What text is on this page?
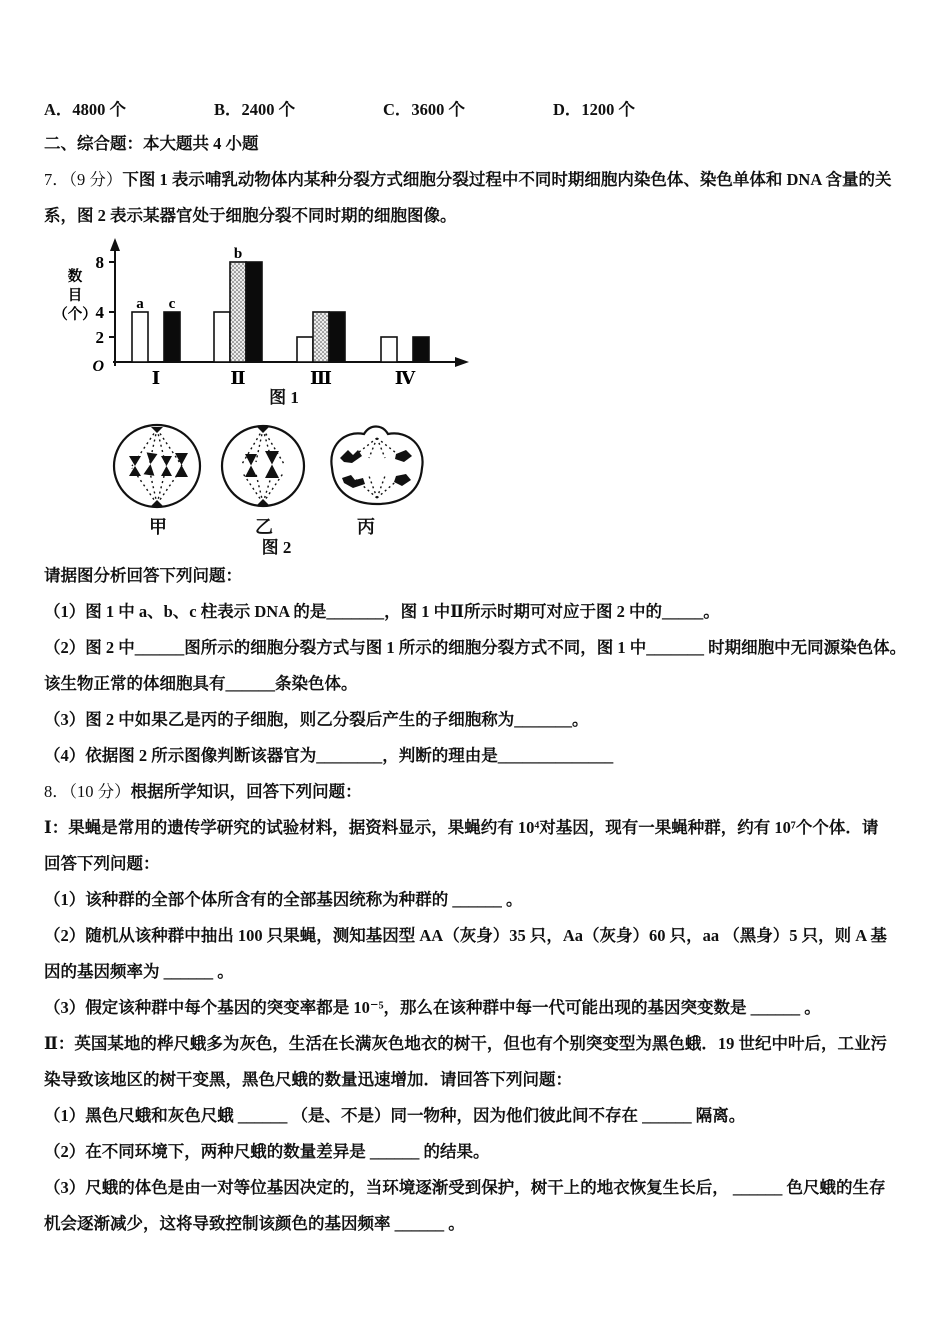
A．4800 个	B．2400 个	C．3600 个	D．1200 个

二、综合题：本大题共 4 小题

7．（9 分）下图 1 表示哺乳动物体内某种分裂方式细胞分裂过程中不同时期细胞内染色体、染色单体和 DNA 含量的关

系，图 2 表示某器官处于细胞分裂不同时期的细胞图像。

8
4
2
O
数
目
（个）
a
b
c
Ⅰ	Ⅱ	Ⅲ	Ⅳ
图 1
甲	乙	丙
图 2

请据图分析回答下列问题：

（1）图 1 中 a、b、c 柱表示 DNA 的是_______，图 1 中Ⅱ所示时期可对应于图 2 中的_____。

（2）图 2 中______图所示的细胞分裂方式与图 1 所示的细胞分裂方式不同，图 1 中_______ 时期细胞中无同源染色体。

该生物正常的体细胞具有______条染色体。

（3）图 2 中如果乙是丙的子细胞，则乙分裂后产生的子细胞称为_______。

（4）依据图 2 所示图像判断该器官为________，判断的理由是______________

8．（10 分）根据所学知识，回答下列问题：

Ⅰ：果蝇是常用的遗传学研究的试验材料，据资料显示，果蝇约有 10⁴对基因，现有一果蝇种群，约有 10⁷个个体．请

回答下列问题：

（1）该种群的全部个体所含有的全部基因统称为种群的 ______ 。

（2）随机从该种群中抽出 100 只果蝇，测知基因型 AA（灰身）35 只，Aa（灰身）60 只，aa （黑身）5 只，则 A 基

因的基因频率为 ______ 。

（3）假定该种群中每个基因的突变率都是 10⁻⁵，那么在该种群中每一代可能出现的基因突变数是 ______ 。

Ⅱ：英国某地的桦尺蛾多为灰色，生活在长满灰色地衣的树干，但也有个别突变型为黑色蛾．19 世纪中叶后，工业污

染导致该地区的树干变黑，黑色尺蛾的数量迅速增加．请回答下列问题：

（1）黑色尺蛾和灰色尺蛾 ______ （是、不是）同一物种，因为他们彼此间不存在 ______ 隔离。

（2）在不同环境下，两种尺蛾的数量差异是 ______ 的结果。

（3）尺蛾的体色是由一对等位基因决定的，当环境逐渐受到保护，树干上的地衣恢复生长后， ______ 色尺蛾的生存

机会逐渐减少，这将导致控制该颜色的基因频率 ______ 。
